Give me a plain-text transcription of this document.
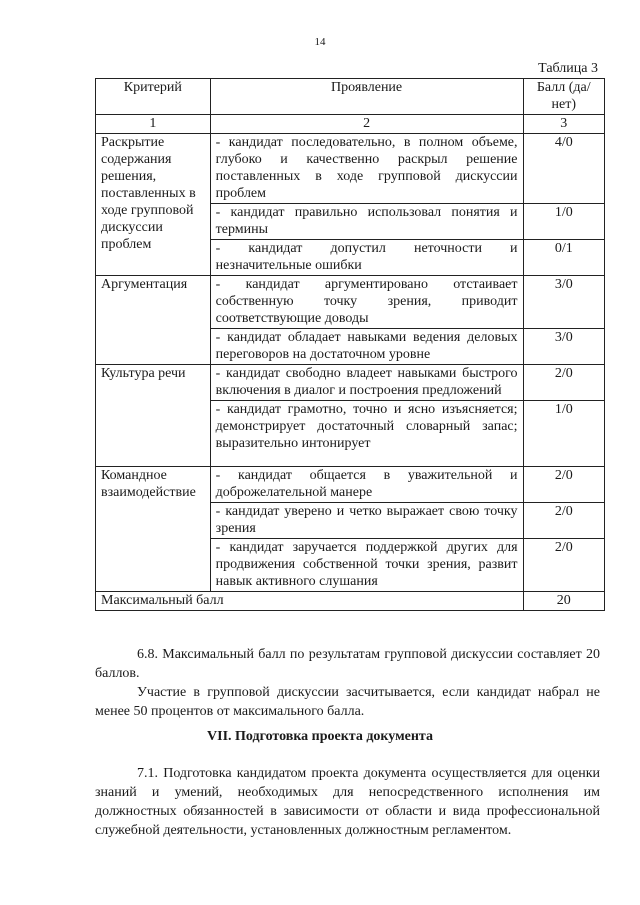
14
Таблица 3
Критерий	Проявление	Балл (да/нет)
1	2	3
Раскрытие содержания решения, поставленных в ходе групповой дискуссии проблем	- кандидат последовательно, в полном объеме, глубоко и качественно раскрыл решение поставленных в ходе групповой дискуссии проблем	4/0
	- кандидат правильно использовал понятия и термины	1/0
	- кандидат допустил неточности и незначительные ошибки	0/1
Аргументация	- кандидат аргументировано отстаивает собственную точку зрения, приводит соответствующие доводы	3/0
	- кандидат обладает навыками ведения деловых переговоров на достаточном уровне	3/0
Культура речи	- кандидат свободно владеет навыками быстрого включения в диалог и построения предложений	2/0
	- кандидат грамотно, точно и ясно изъясняется; демонстрирует достаточный словарный запас; выразительно интонирует	1/0
Командное взаимодействие	- кандидат общается в уважительной и доброжелательной манере	2/0
	- кандидат уверено и четко выражает свою точку зрения	2/0
	- кандидат заручается поддержкой других для продвижения собственной точки зрения, развит навык активного слушания	2/0
Максимальный балл		20

6.8. Максимальный балл по результатам групповой дискуссии составляет 20 баллов.

Участие в групповой дискуссии засчитывается, если кандидат набрал не менее 50 процентов от максимального балла.

VII. Подготовка проекта документа

7.1. Подготовка кандидатом проекта документа осуществляется для оценки знаний и умений, необходимых для непосредственного исполнения им должностных обязанностей в зависимости от области и вида профессиональной служебной деятельности, установленных должностным регламентом.
